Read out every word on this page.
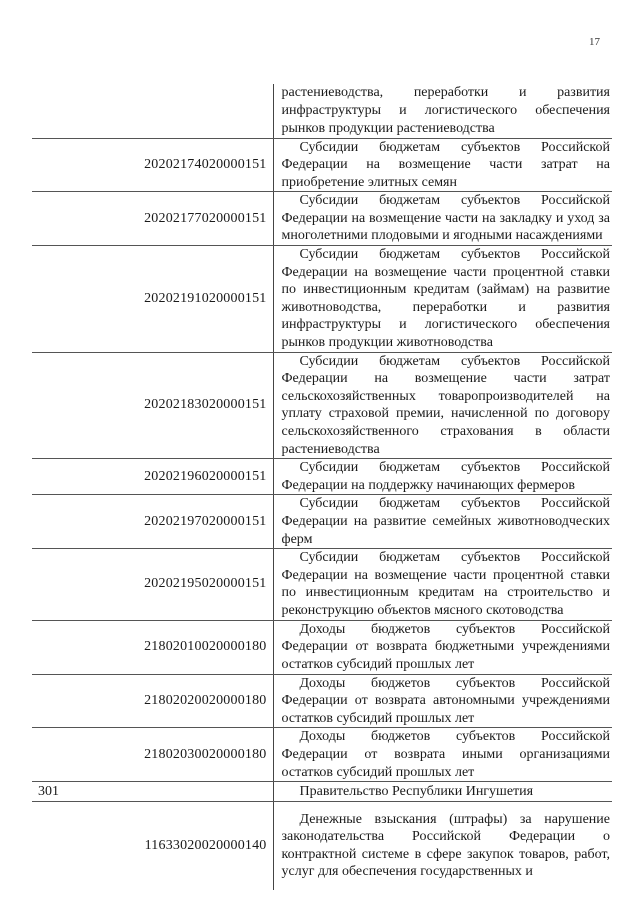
17
		растениеводства, переработки и развития инфраструктуры и логистического обеспечения рынков продукции растениеводства
	20202174020000151	Субсидии бюджетам субъектов Российской Федерации на возмещение части затрат на приобретение элитных семян
	20202177020000151	Субсидии бюджетам субъектов Российской Федерации на возмещение части на закладку и уход за многолетними плодовыми и ягодными насаждениями
	20202191020000151	Субсидии бюджетам субъектов Российской Федерации на возмещение части процентной ставки по инвестиционным кредитам (займам) на развитие животноводства, переработки и развития инфраструктуры и логистического обеспечения рынков продукции животноводства
	20202183020000151	Субсидии бюджетам субъектов Российской Федерации на возмещение части затрат сельскохозяйственных товаропроизводителей на уплату страховой премии, начисленной по договору сельскохозяйственного страхования в области растениеводства
	20202196020000151	Субсидии бюджетам субъектов Российской Федерации на поддержку начинающих фермеров
	20202197020000151	Субсидии бюджетам субъектов Российской Федерации на развитие семейных животноводческих ферм
	20202195020000151	Субсидии бюджетам субъектов Российской Федерации на возмещение части процентной ставки по инвестиционным кредитам на строительство и реконструкцию объектов мясного скотоводства
	21802010020000180	Доходы бюджетов субъектов Российской Федерации от возврата бюджетными учреждениями остатков субсидий прошлых лет
	21802020020000180	Доходы бюджетов субъектов Российской Федерации от возврата автономными учреждениями остатков субсидий прошлых лет
	21802030020000180	Доходы бюджетов субъектов Российской Федерации от возврата иными организациями остатков субсидий прошлых лет
301		Правительство Республики Ингушетия
	11633020020000140	Денежные взыскания (штрафы) за нарушение законодательства Российской Федерации о контрактной системе в сфере закупок товаров, работ, услуг для обеспечения государственных и
